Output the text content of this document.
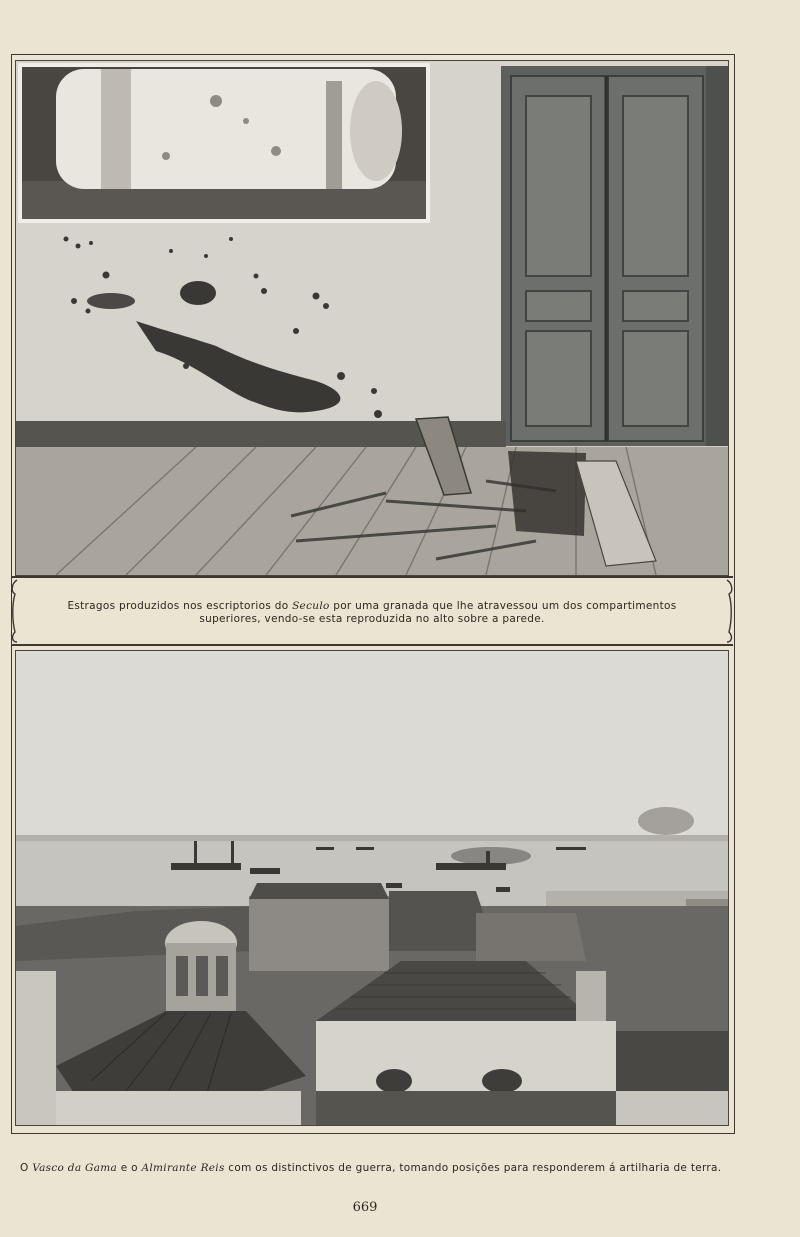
Estragos produzidos nos escriptorios do Seculo por uma granada que lhe atravessou um dos compartimentos superiores, vendo-se esta reproduzida no alto sobre a parede.
O Vasco da Gama e o Almirante Reis com os distinctivos de guerra, tomando posições para responderem á artilharia de terra.
669
